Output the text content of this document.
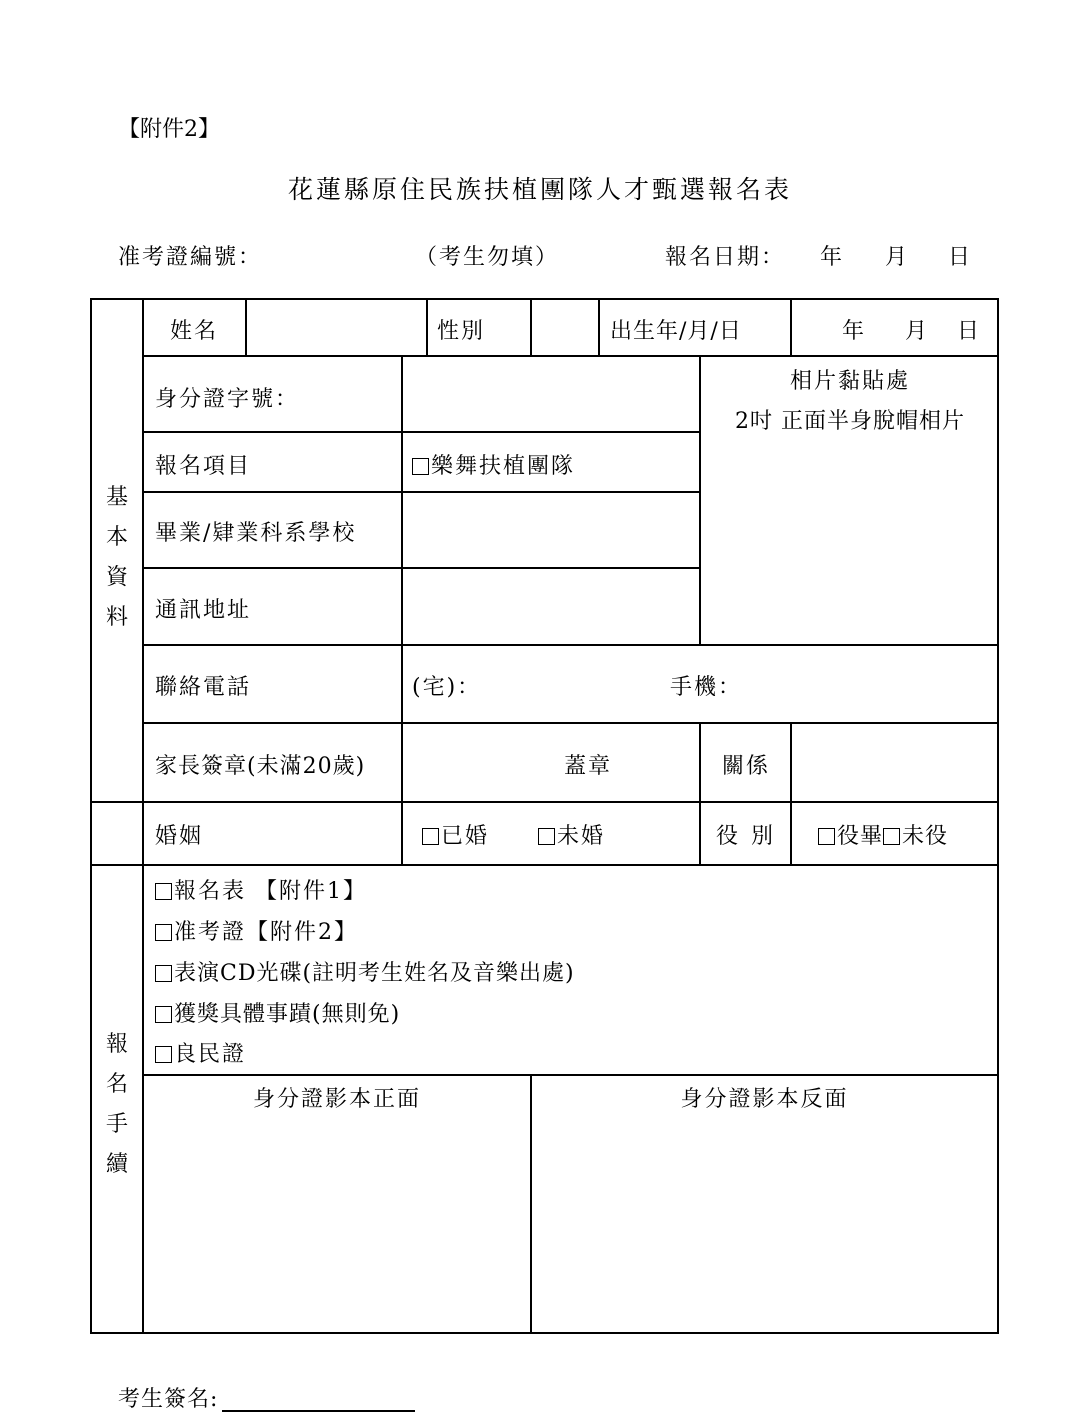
【附件2】
花蓮縣原住民族扶植團隊人才甄選報名表
准考證編號：	（考生勿填）	報名日期： 年 月 日
基
本
資
料
報
名
手
續
姓名	性別	出生年/月/日	年 月 日
身分證字號：
相片黏貼處
2吋 正面半身脫帽相片
報名項目	樂舞扶植團隊
畢業/肄業科系學校
通訊地址
聯絡電話	(宅)：	手機：
家長簽章(未滿20歲)	蓋章	關係
婚姻	已婚	未婚	役 別	役畢 未役
報名表 【附件1】
准考證【附件2】
表演CD光碟(註明考生姓名及音樂出處)
獲獎具體事蹟(無則免)
良民證
身分證影本正面	身分證影本反面
考生簽名:
